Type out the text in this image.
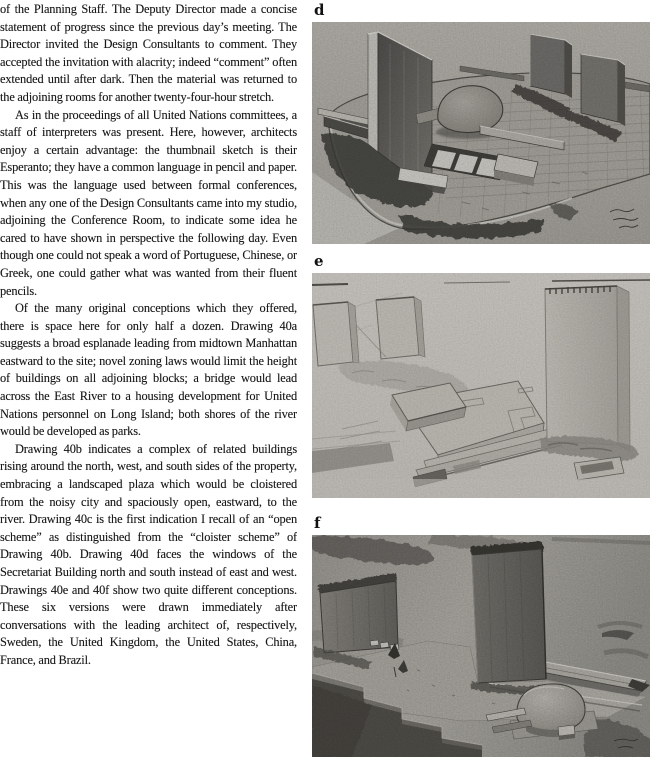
of the Planning Staff. The Deputy Director made a concise statement of progress since the previous day’s meeting. The Director invited the Design Consultants to comment. They accepted the invitation with alacrity; indeed “comment” often extended until after dark. Then the material was returned to the adjoining rooms for another twenty-four-hour stretch.

As in the proceedings of all United Nations committees, a staff of interpreters was present. Here, however, architects enjoy a certain advantage: the thumbnail sketch is their Esperanto; they have a common language in pencil and paper. This was the language used between formal conferences, when any one of the Design Consultants came into my studio, adjoining the Conference Room, to indicate some idea he cared to have shown in perspective the following day. Even though one could not speak a word of Portuguese, Chinese, or Greek, one could gather what was wanted from their fluent pencils.

Of the many original conceptions which they offered, there is space here for only half a dozen. Drawing 40a suggests a broad esplanade leading from midtown Manhattan eastward to the site; novel zoning laws would limit the height of buildings on all adjoining blocks; a bridge would lead across the East River to a housing development for United Nations personnel on Long Island; both shores of the river would be developed as parks.

Drawing 40b indicates a complex of related buildings rising around the north, west, and south sides of the property, embracing a landscaped plaza which would be cloistered from the noisy city and spaciously open, eastward, to the river. Drawing 40c is the first indication I recall of an “open scheme” as distinguished from the “cloister scheme” of Drawing 40b. Drawing 40d faces the windows of the Secretariat Building north and south instead of east and west. Drawings 40e and 40f show two quite different conceptions. These six versions were drawn immediately after conversations with the leading architect of, respectively, Sweden, the United Kingdom, the United States, China, France, and Brazil.

d
e
f
